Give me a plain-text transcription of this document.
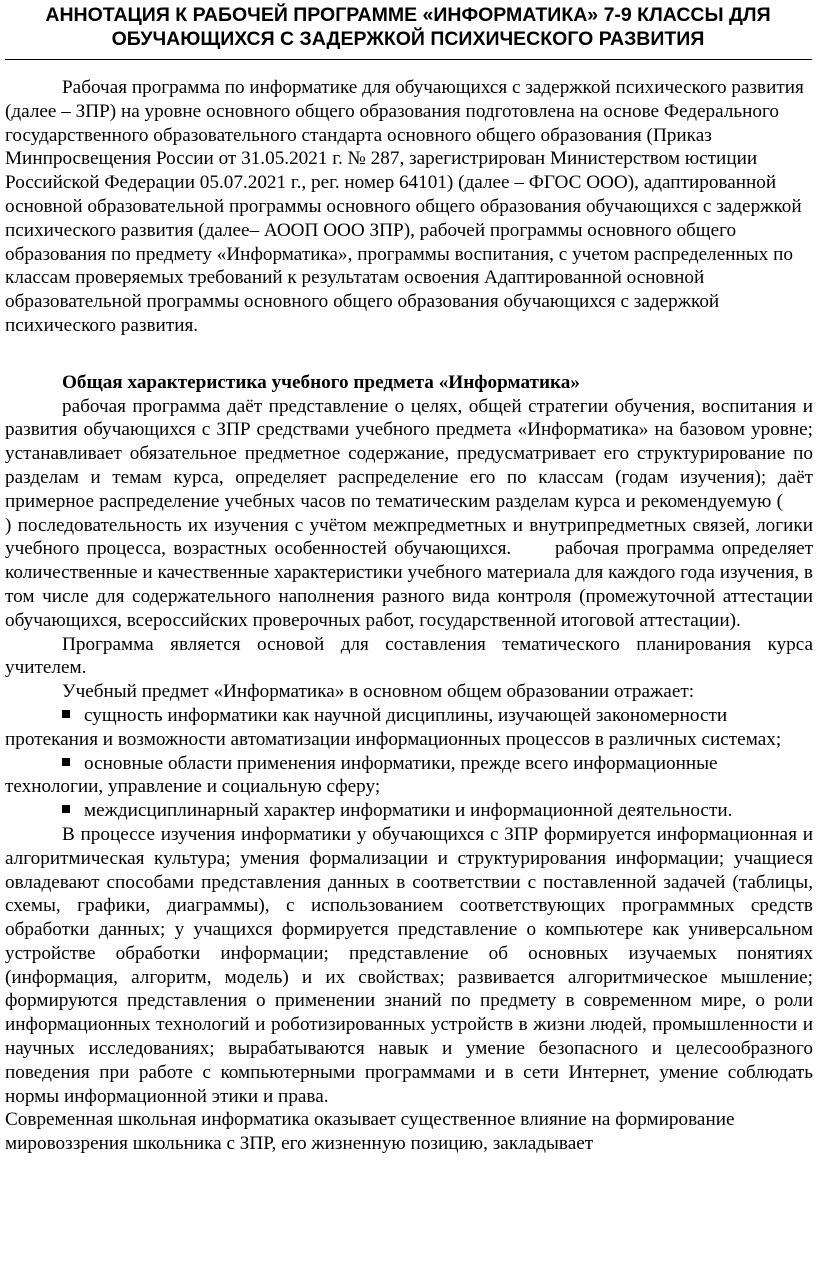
АННОТАЦИЯ К РАБОЧЕЙ ПРОГРАММЕ «ИНФОРМАТИКА» 7-9 КЛАССЫ ДЛЯ
ОБУЧАЮЩИХСЯ С ЗАДЕРЖКОЙ ПСИХИЧЕСКОГО РАЗВИТИЯ

Рабочая программа по информатике для обучающихся с задержкой психического развития (далее – ЗПР) на уровне основного общего образования подготовлена на основе Федерального государственного образовательного стандарта основного общего образования (Приказ Минпросвещения России от 31.05.2021 г. № 287, зарегистрирован Министерством юстиции Российской Федерации 05.07.2021 г., рег. номер 64101) (далее – ФГОС ООО), адаптированной основной образовательной программы основного общего образования обучающихся с задержкой психического развития (далее– АООП ООО ЗПР), рабочей программы основного общего образования по предмету «Информатика», программы воспитания, с учетом распределенных по классам проверяемых требований к результатам освоения Адаптированной основной образовательной программы основного общего образования обучающихся с задержкой психического развития.

Общая характеристика учебного предмета «Информатика»

рабочая программа даёт представление о целях, общей стратегии обучения, воспитания и развития обучающихся с ЗПР средствами учебного предмета «Информатика» на базовом уровне; устанавливает обязательное предметное содержание, предусматривает его структурирование по разделам и темам курса, определяет распределение его по классам (годам изучения); даёт примерное распределение учебных часов по тематическим разделам курса и рекомендуемую () последовательность их изучения с учётом межпредметных и внутрипредметных связей, логики учебного процесса, возрастных особенностей обучающихся. рабочая программа определяет количественные и качественные характеристики учебного материала для каждого года изучения, в том числе для содержательного наполнения разного вида контроля (промежуточной аттестации обучающихся, всероссийских проверочных работ, государственной итоговой аттестации).

Программа является основой для составления тематического планирования курса учителем.

Учебный предмет «Информатика» в основном общем образовании отражает:

сущность информатики как научной дисциплины, изучающей закономерности протекания и возможности автоматизации информационных процессов в различных системах;

основные области применения информатики, прежде всего информационные технологии, управление и социальную сферу;

междисциплинарный характер информатики и информационной деятельности.

В процессе изучения информатики у обучающихся с ЗПР формируется информационная и алгоритмическая культура; умения формализации и структурирования информации; учащиеся овладевают способами представления данных в соответствии с поставленной задачей (таблицы, схемы, графики, диаграммы), с использованием соответствующих программных средств обработки данных; у учащихся формируется представление о компьютере как универсальном устройстве обработки информации; представление об основных изучаемых понятиях (информация, алгоритм, модель) и их свойствах; развивается алгоритмическое мышление; формируются представления о применении знаний по предмету в современном мире, о роли информационных технологий и роботизированных устройств в жизни людей, промышленности и научных исследованиях; вырабатываются навык и умение безопасного и целесообразного поведения при работе с компьютерными программами и в сети Интернет, умение соблюдать нормы информационной этики и права.

Современная школьная информатика оказывает существенное влияние на формирование мировоззрения школьника с ЗПР, его жизненную позицию, закладывает
